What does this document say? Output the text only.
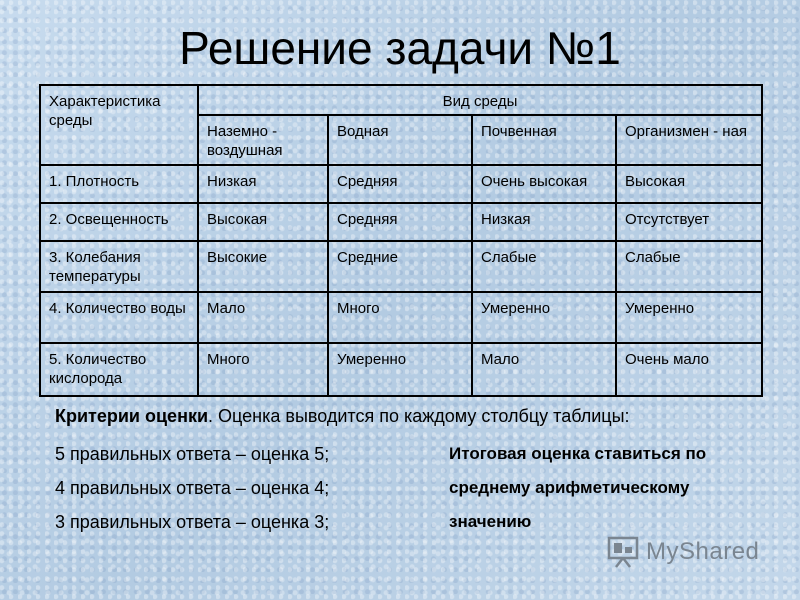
Решение задачи №1
Характеристика среды	Вид среды			
	Наземно - воздушная	Водная	Почвенная	Организмен - ная
1. Плотность	Низкая	Средняя	Очень высокая	Высокая
2. Освещенность	Высокая	Средняя	Низкая	Отсутствует
3. Колебания температуры	Высокие	Средние	Слабые	Слабые
4. Количество воды	Мало	Много	Умеренно	Умеренно
5. Количество кислорода	Много	Умеренно	Мало	Очень мало
Критерии оценки. Оценка выводится по каждому столбцу таблицы:
5 правильных ответа – оценка 5;
4 правильных ответа – оценка 4;
3 правильных ответа – оценка 3;
Итоговая оценка ставиться по
среднему арифметическому
значению
MyShared
